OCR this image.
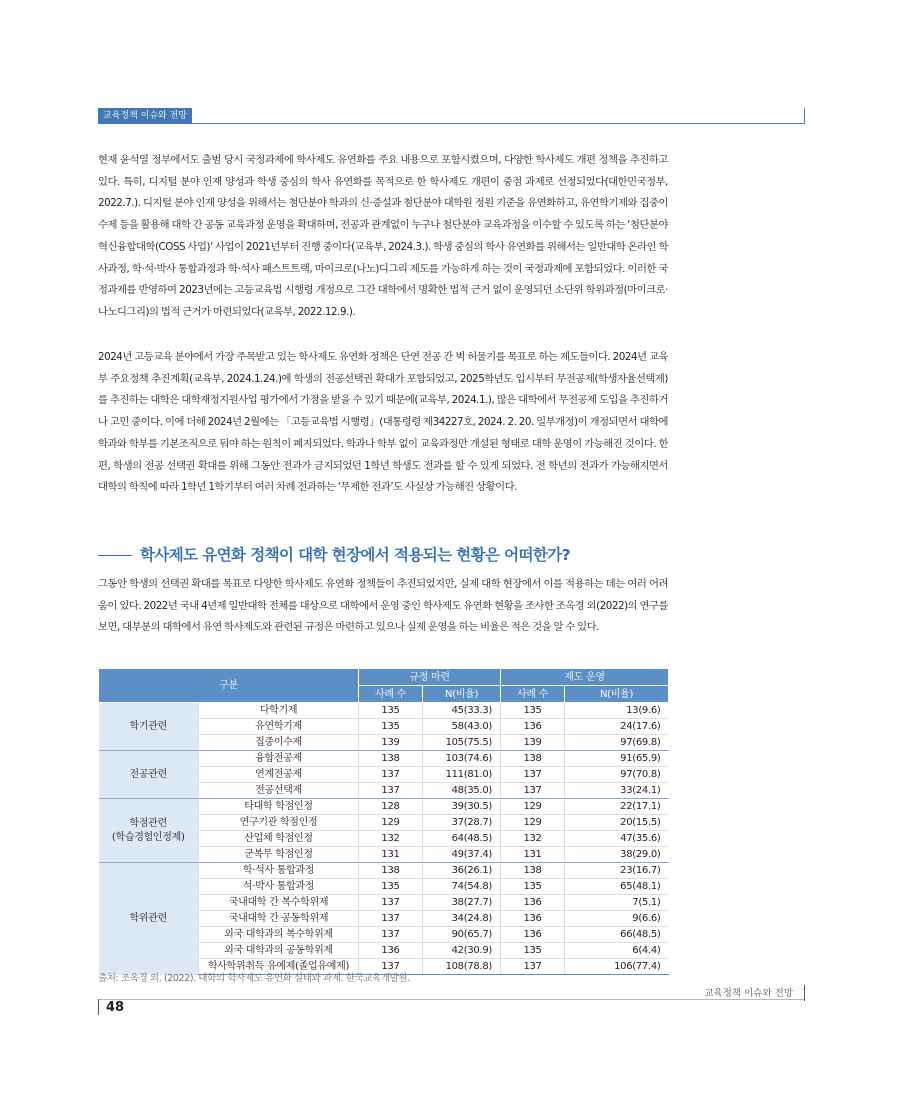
교육정책 이슈와 전망

현재 윤석열 정부에서도 출범 당시 국정과제에 학사제도 유연화를 주요 내용으로 포함시켰으며, 다양한 학사제도 개편 정책을 추진하고 있다. 특히, 디지털 분야 인재 양성과 학생 중심의 학사 유연화를 목적으로 한 학사제도 개편이 중점 과제로 선정되었다(대한민국정부, 2022.7.). 디지털 분야 인재 양성을 위해서는 첨단분야 학과의 신·증설과 첨단분야 대학원 정원 기준을 유연화하고, 유연학기제와 집중이수제 등을 활용해 대학 간 공동 교육과정 운영을 확대하며, 전공과 관계없이 누구나 첨단분야 교육과정을 이수할 수 있도록 하는 ‘첨단분야 혁신융합대학(COSS 사업)’ 사업이 2021년부터 진행 중이다(교육부, 2024.3.). 학생 중심의 학사 유연화를 위해서는 일반대학 온라인 학사과정, 학·석·박사 통합과정과 학·석사 패스트트랙, 마이크로(나노)디그리 제도를 가능하게 하는 것이 국정과제에 포함되었다. 이러한 국정과제를 반영하여 2023년에는 고등교육법 시행령 개정으로 그간 대학에서 명확한 법적 근거 없이 운영되던 소단위 학위과정(마이크로·나노디그리)의 법적 근거가 마련되었다(교육부, 2022.12.9.).

2024년 고등교육 분야에서 가장 주목받고 있는 학사제도 유연화 정책은 단연 전공 간 벽 허물기를 목표로 하는 제도들이다. 2024년 교육부 주요정책 추진계획(교육부, 2024.1.24.)에 학생의 전공선택권 확대가 포함되었고, 2025학년도 입시부터 무전공제(학생자율선택제)를 추진하는 대학은 대학재정지원사업 평가에서 가점을 받을 수 있기 때문에(교육부, 2024.1.), 많은 대학에서 무전공제 도입을 추진하거나 고민 중이다. 이에 더해 2024년 2월에는 「고등교육법 시행령」(대통령령 제34227호, 2024. 2. 20. 일부개정)이 개정되면서 대학에 학과와 학부를 기본조직으로 둬야 하는 원칙이 폐지되었다. 학과나 학부 없이 교육과정만 개설된 형태로 대학 운영이 가능해진 것이다. 한편, 학생의 전공 선택권 확대를 위해 그동안 전과가 금지되었던 1학년 학생도 전과를 할 수 있게 되었다. 전 학년의 전과가 가능해지면서 대학의 학칙에 따라 1학년 1학기부터 여러 차례 전과하는 ‘무제한 전과’도 사실상 가능해진 상황이다.

학사제도 유연화 정책이 대학 현장에서 적용되는 현황은 어떠한가?

그동안 학생의 선택권 확대를 목표로 다양한 학사제도 유연화 정책들이 추진되었지만, 실제 대학 현장에서 이를 적용하는 데는 여러 어려움이 있다. 2022년 국내 4년제 일반대학 전체를 대상으로 대학에서 운영 중인 학사제도 유연화 현황을 조사한 조옥경 외(2022)의 연구를 보면, 대부분의 대학에서 유연 학사제도와 관련된 규정은 마련하고 있으나 실제 운영을 하는 비율은 적은 것을 알 수 있다.

구분		규정 마련		제도 운영	
		사례 수	N(비율)	사례 수	N(비율)

학기관련	다학기제	135	45(33.3)	135	13(9.6)
	유연학기제	135	58(43.0)	136	24(17.6)
	집중이수제	139	105(75.5)	139	97(69.8)

전공관련	융합전공제	138	103(74.6)	138	91(65.9)
	연계전공제	137	111(81.0)	137	97(70.8)
	전공선택제	137	48(35.0)	137	33(24.1)

학점관련
(학습경험인정제)	타대학 학점인정	128	39(30.5)	129	22(17.1)
	연구기관 학점인정	129	37(28.7)	129	20(15.5)
	산업체 학점인정	132	64(48.5)	132	47(35.6)
	군복무 학점인정	131	49(37.4)	131	38(29.0)

학위관련	학·석사 통합과정	138	36(26.1)	138	23(16.7)
	석·박사 통합과정	135	74(54.8)	135	65(48.1)
	국내대학 간 복수학위제	137	38(27.7)	136	7(5.1)
	국내대학 간 공동학위제	137	34(24.8)	136	9(6.6)
	외국 대학과의 복수학위제	137	90(65.7)	136	66(48.5)
	외국 대학과의 공동학위제	136	42(30.9)	135	6(4.4)
	학사학위취득 유예제(졸업유예제)	137	108(78.8)	137	106(77.4)
출처: 조옥경 외. (2022). 대학의 학사제도 유연화 실태와 과제. 한국교육개발원.
48
교육정책 이슈와 전망
